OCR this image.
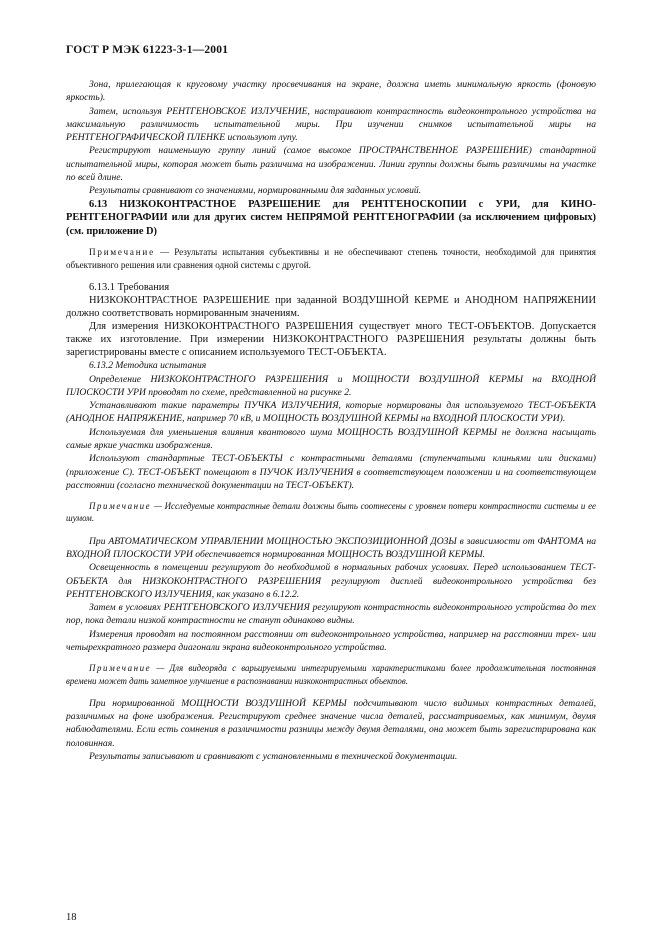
ГОСТ Р МЭК 61223-3-1—2001

Зона, прилегающая к круговому участку просвечивания на экране, должна иметь минимальную яркость (фоновую яркость).

Затем, используя РЕНТГЕНОВСКОЕ ИЗЛУЧЕНИЕ, настраивают контрастность видеоконтрольного устройства на максимальную различимость испытательной миры. При изучении снимков испытательной миры на РЕНТГЕНОГРАФИЧЕСКОЙ ПЛЕНКЕ используют лупу.

Регистрируют наименьшую группу линий (самое высокое ПРОСТРАНСТВЕННОЕ РАЗРЕШЕНИЕ) стандартной испытательной миры, которая может быть различима на изображении. Линии группы должны быть различимы на участке по всей длине.

Результаты сравнивают со значениями, нормированными для заданных условий.

6.13 НИЗКОКОНТРАСТНОЕ РАЗРЕШЕНИЕ для РЕНТГЕНОСКОПИИ с УРИ, для КИНО-РЕНТГЕНОГРАФИИ или для других систем НЕПРЯМОЙ РЕНТГЕНОГРАФИИ (за исключением цифровых) (см. приложение D)

Примечание — Результаты испытания субъективны и не обеспечивают степень точности, необходимой для принятия объективного решения или сравнения одной системы с другой.

6.13.1 Требования

НИЗКОКОНТРАСТНОЕ РАЗРЕШЕНИЕ при заданной ВОЗДУШНОЙ КЕРМЕ и АНОДНОМ НАПРЯЖЕНИИ должно соответствовать нормированным значениям.

Для измерения НИЗКОКОНТРАСТНОГО РАЗРЕШЕНИЯ существует много ТЕСТ-ОБЪЕКТОВ. Допускается также их изготовление. При измерении НИЗКОКОНТРАСТНОГО РАЗРЕШЕНИЯ результаты должны быть зарегистрированы вместе с описанием используемого ТЕСТ-ОБЪЕКТА.

6.13.2 Методика испытания

Определение НИЗКОКОНТРАСТНОГО РАЗРЕШЕНИЯ и МОЩНОСТИ ВОЗДУШНОЙ КЕРМЫ на ВХОДНОЙ ПЛОСКОСТИ УРИ проводят по схеме, представленной на рисунке 2.

Устанавливают такие параметры ПУЧКА ИЗЛУЧЕНИЯ, которые нормированы для используемого ТЕСТ-ОБЪЕКТА (АНОДНОЕ НАПРЯЖЕНИЕ, например 70 кВ, и МОЩНОСТЬ ВОЗДУШНОЙ КЕРМЫ на ВХОДНОЙ ПЛОСКОСТИ УРИ).

Используемая для уменьшения влияния квантового шума МОЩНОСТЬ ВОЗДУШНОЙ КЕРМЫ не должна насыщать самые яркие участки изображения.

Используют стандартные ТЕСТ-ОБЪЕКТЫ с контрастными деталями (ступенчатыми клиньями или дисками) (приложение C). ТЕСТ-ОБЪЕКТ помещают в ПУЧОК ИЗЛУЧЕНИЯ в соответствующем положении и на соответствующем расстоянии (согласно технической документации на ТЕСТ-ОБЪЕКТ).

Примечание — Исследуемые контрастные детали должны быть соотнесены с уровнем потери контрастности системы и ее шумом.

При АВТОМАТИЧЕСКОМ УПРАВЛЕНИИ МОЩНОСТЬЮ ЭКСПОЗИЦИОННОЙ ДОЗЫ в зависимости от ФАНТОМА на ВХОДНОЙ ПЛОСКОСТИ УРИ обеспечивается нормированная МОЩНОСТЬ ВОЗДУШНОЙ КЕРМЫ.

Освещенность в помещении регулируют до необходимой в нормальных рабочих условиях. Перед использованием ТЕСТ-ОБЪЕКТА для НИЗКОКОНТРАСТНОГО РАЗРЕШЕНИЯ регулируют дисплей видеоконтрольного устройства без РЕНТГЕНОВСКОГО ИЗЛУЧЕНИЯ, как указано в 6.12.2.

Затем в условиях РЕНТГЕНОВСКОГО ИЗЛУЧЕНИЯ регулируют контрастность видеоконтрольного устройства до тех пор, пока детали низкой контрастности не станут одинаково видны.

Измерения проводят на постоянном расстоянии от видеоконтрольного устройства, например на расстоянии трех- или четырехкратного размера диагонали экрана видеоконтрольного устройства.

Примечание — Для видеоряда с варьируемыми интегрируемыми характеристиками более продолжительная постоянная времени может дать заметное улучшение в распознавании низкоконтрастных объектов.

При нормированной МОЩНОСТИ ВОЗДУШНОЙ КЕРМЫ подсчитывают число видимых контрастных деталей, различимых на фоне изображения. Регистрируют среднее значение числа деталей, рассматриваемых, как минимум, двумя наблюдателями. Если есть сомнения в различимости разницы между двумя деталями, она может быть зарегистрирована как половинная.

Результаты записывают и сравнивают с установленными в технической документации.

18
